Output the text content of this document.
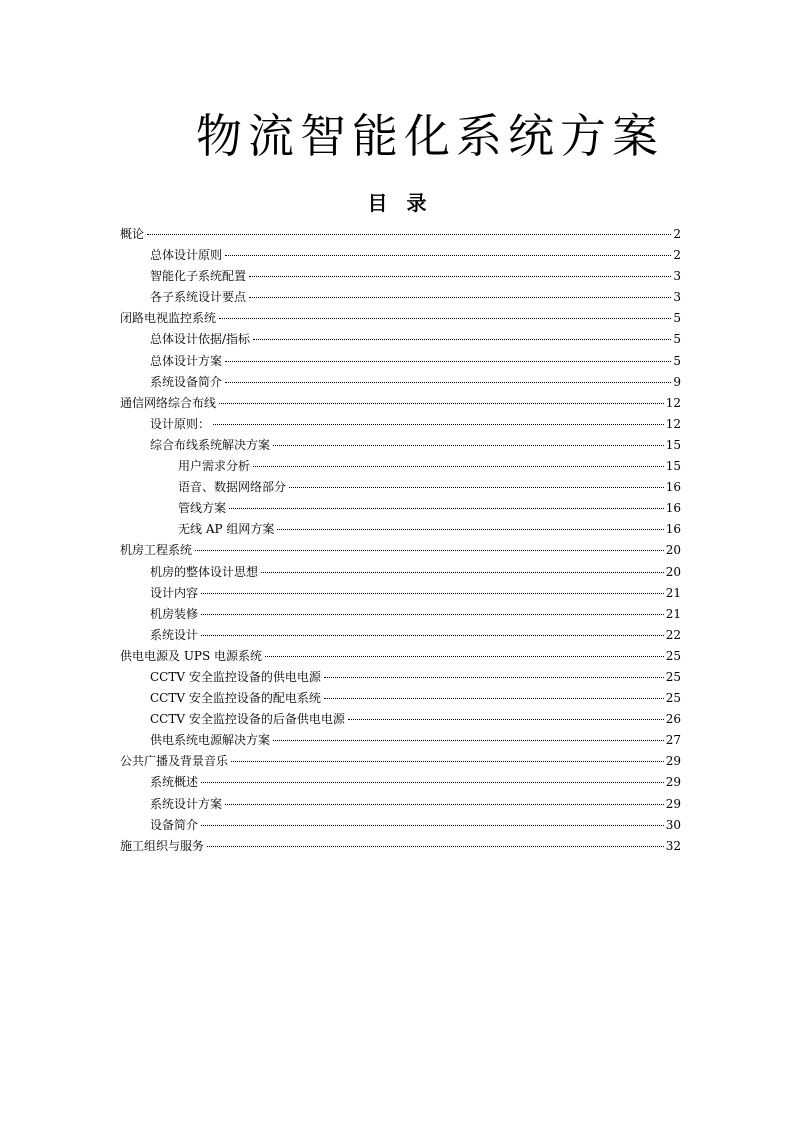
物流智能化系统方案
目 录
概论	2
总体设计原则	2
智能化子系统配置	3
各子系统设计要点	3
闭路电视监控系统	5
总体设计依据/指标	5
总体设计方案	5
系统设备简介	9
通信网络综合布线	12
设计原则：	12
综合布线系统解决方案	15
用户需求分析	15
语音、数据网络部分	16
管线方案	16
无线 AP 组网方案	16
机房工程系统	20
机房的整体设计思想	20
设计内容	21
机房装修	21
系统设计	22
供电电源及 UPS 电源系统	25
CCTV 安全监控设备的供电电源	25
CCTV 安全监控设备的配电系统	25
CCTV 安全监控设备的后备供电电源	26
供电系统电源解决方案	27
公共广播及背景音乐	29
系统概述	29
系统设计方案	29
设备简介	30
施工组织与服务	32
